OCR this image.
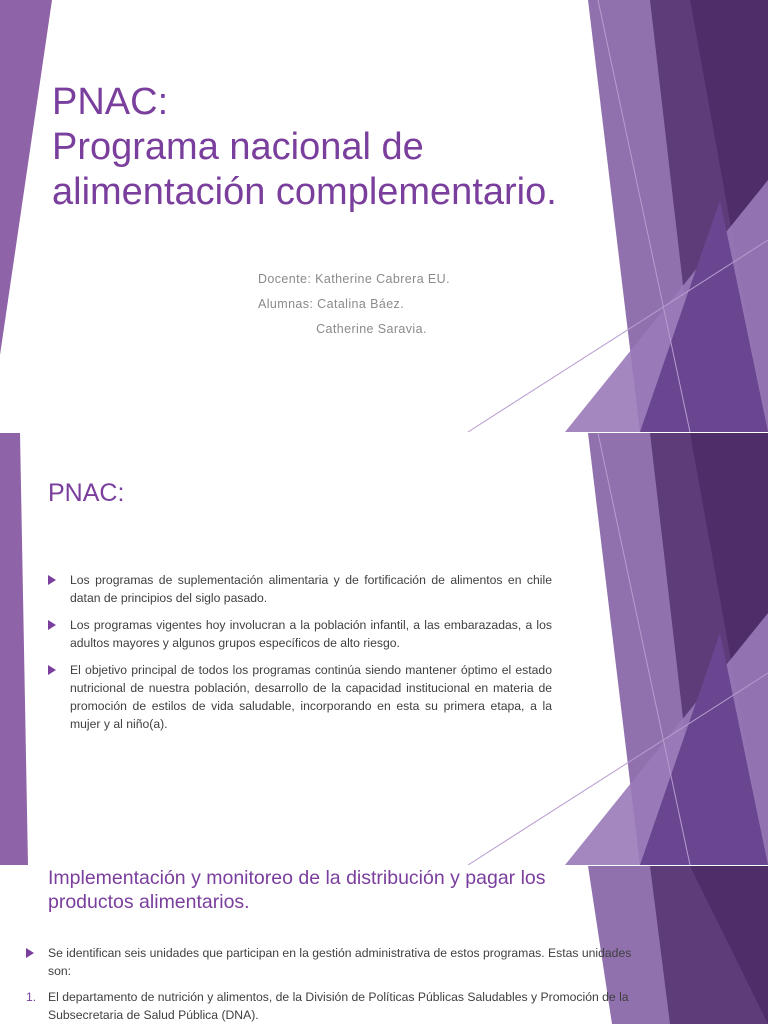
PNAC:
Programa nacional de
alimentación complementario.
Docente: Katherine Cabrera EU.
Alumnas: Catalina Báez.
Catherine Saravia.
PNAC:
Los programas de suplementación alimentaria y de fortificación de alimentos en chile datan de principios del siglo pasado.
Los programas vigentes hoy involucran a la población infantil, a las embarazadas, a los adultos mayores y algunos grupos específicos de alto riesgo.
El objetivo principal de todos los programas continúa siendo mantener óptimo el estado nutricional de nuestra población, desarrollo de la capacidad institucional en materia de promoción de estilos de vida saludable, incorporando en esta su primera etapa, a la mujer y al niño(a).
Implementación y monitoreo de la distribución y pagar los productos alimentarios.
Se identifican seis unidades que participan en la gestión administrativa de estos programas. Estas unidades son:
1. El departamento de nutrición y alimentos, de la División de Políticas Públicas Saludables y Promoción de la Subsecretaria de Salud Pública (DNA).
